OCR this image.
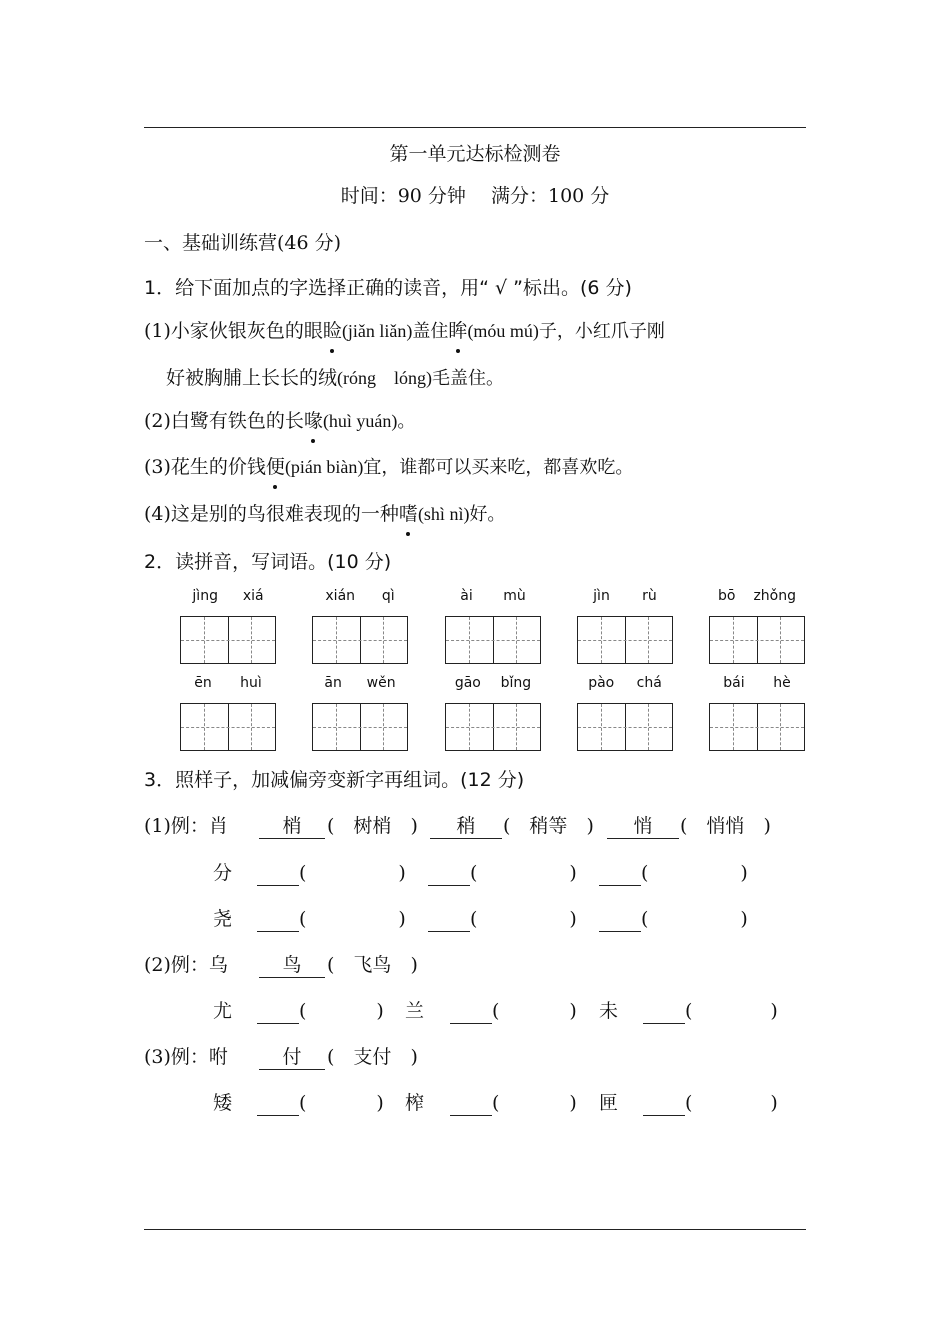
第一单元达标检测卷
时间：90 分钟　 满分：100 分
一、基础训练营(46 分)
1．给下面加点的字选择正确的读音，用“ √ ”标出。(6 分)
(1)小家伙银灰色的眼睑(jiǎn liǎn)盖住眸(móu mú)子，小红爪子刚
好被胸脯上长长的绒(róng　lóng)毛盖住。
(2)白鹭有铁色的长喙(huì yuán)。
(3)花生的价钱便(pián biàn)宜，谁都可以买来吃，都喜欢吃。
(4)这是别的鸟很难表现的一种嗜(shì nì)好。
2．读拼音，写词语。(10 分)
jìng xiá	xián qì	ài mù	jìn rù	bō zhǒng
ēn huì	ān wěn	gāo bǐng	pào chá	bái hè
3．照样子，加减偏旁变新字再组词。(12 分)
(1)例：肖	梢	(　树梢　)	稍	(　稍等　)	悄	(　悄悄　)
分	(	)	(	)	(	)
尧	(	)	(	)	(	)
(2)例：乌	鸟	(　飞鸟　)
尤	(	) 兰	(	) 未	(	)
(3)例：咐	付	(　支付　)
矮	(	) 榨	(	) 匣	(	)
